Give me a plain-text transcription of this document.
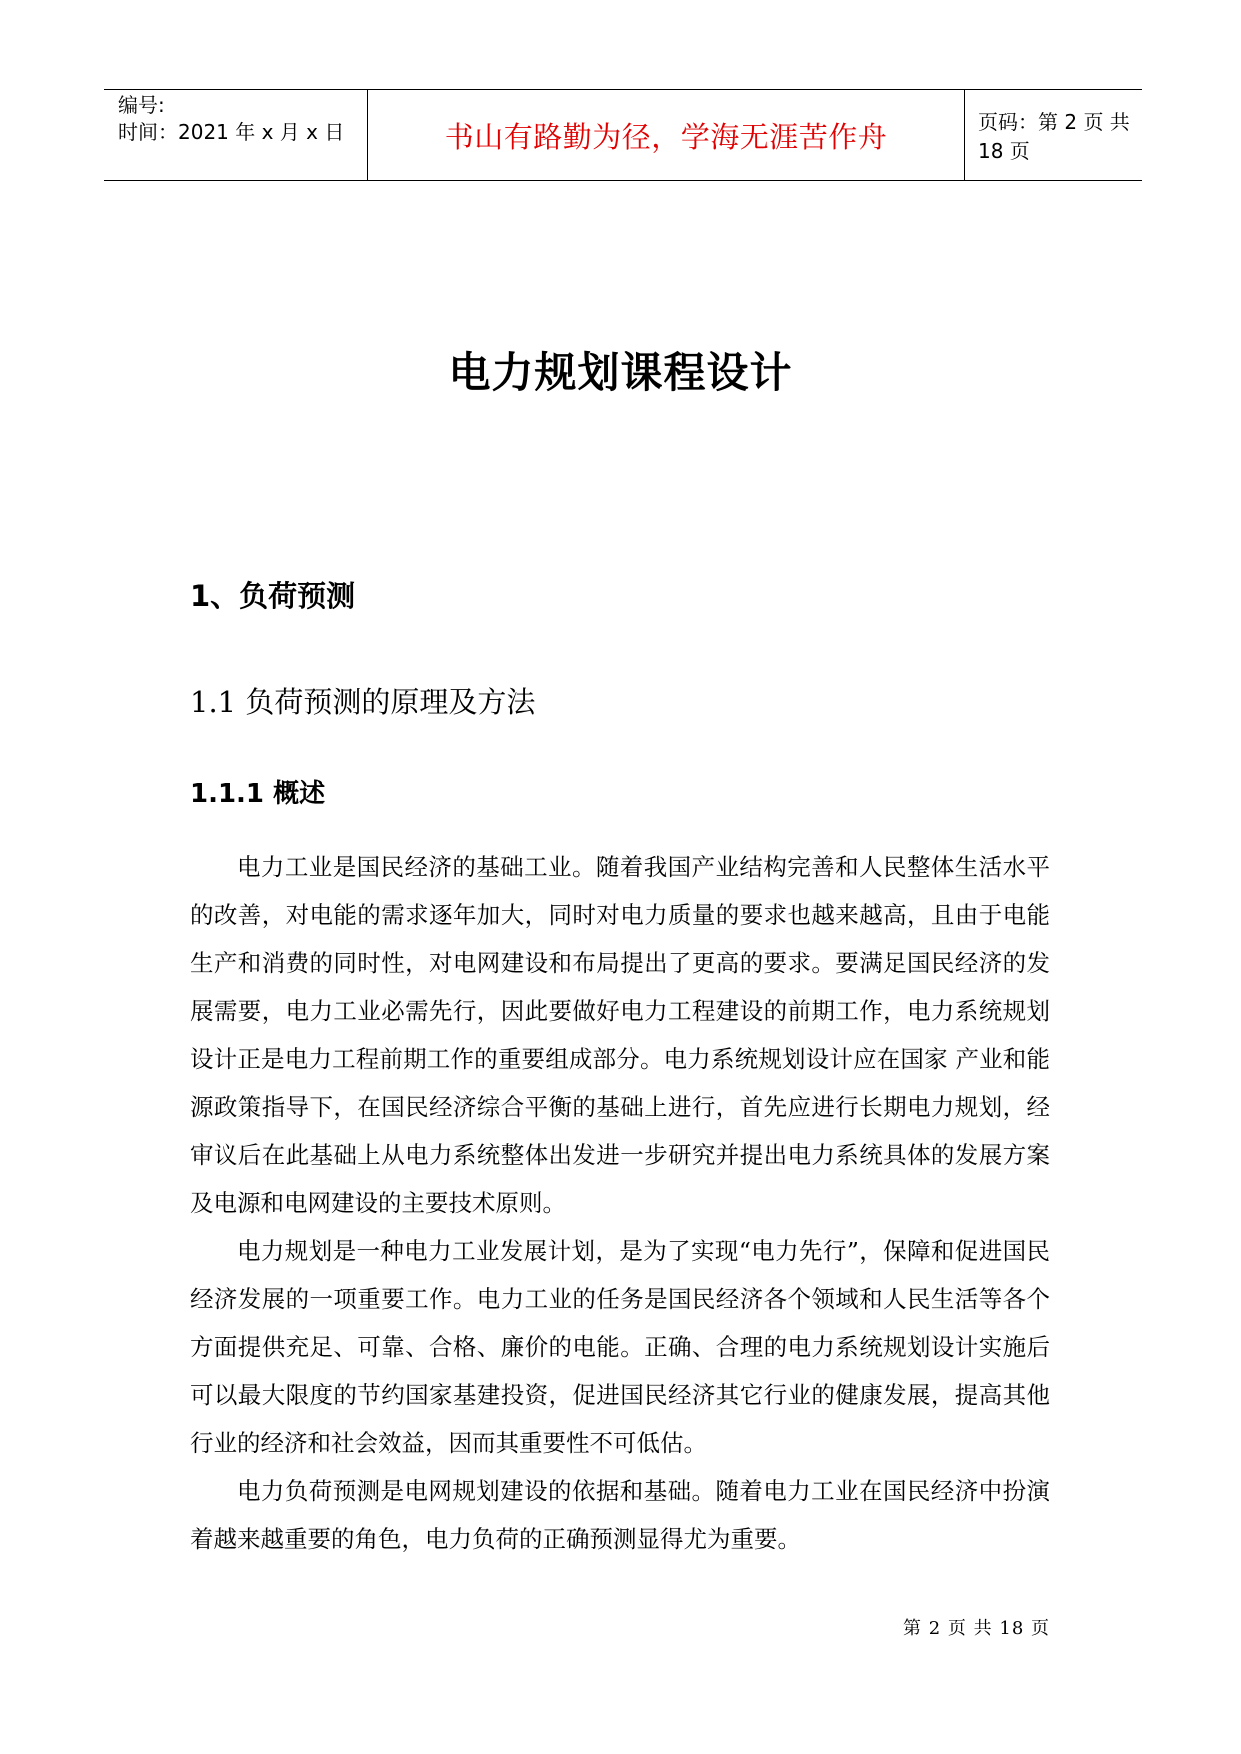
编号:
时间：2021 年 x 月 x 日	书山有路勤为径，学海无涯苦作舟	页码：第 2 页 共 18 页
电力规划课程设计
1、负荷预测
1.1 负荷预测的原理及方法
1.1.1 概述

电力工业是国民经济的基础工业。随着我国产业结构完善和人民整体生活水平的改善，对电能的需求逐年加大，同时对电力质量的要求也越来越高，且由于电能生产和消费的同时性，对电网建设和布局提出了更高的要求。要满足国民经济的发展需要，电力工业必需先行，因此要做好电力工程建设的前期工作，电力系统规划设计正是电力工程前期工作的重要组成部分。电力系统规划设计应在国家 产业和能源政策指导下，在国民经济综合平衡的基础上进行，首先应进行长期电力规划，经审议后在此基础上从电力系统整体出发进一步研究并提出电力系统具体的发展方案及电源和电网建设的主要技术原则。

电力规划是一种电力工业发展计划，是为了实现“电力先行”，保障和促进国民经济发展的一项重要工作。电力工业的任务是国民经济各个领域和人民生活等各个方面提供充足、可靠、合格、廉价的电能。正确、合理的电力系统规划设计实施后可以最大限度的节约国家基建投资，促进国民经济其它行业的健康发展，提高其他行业的经济和社会效益，因而其重要性不可低估。

电力负荷预测是电网规划建设的依据和基础。随着电力工业在国民经济中扮演着越来越重要的角色，电力负荷的正确预测显得尤为重要。

第 2 页 共 18 页
